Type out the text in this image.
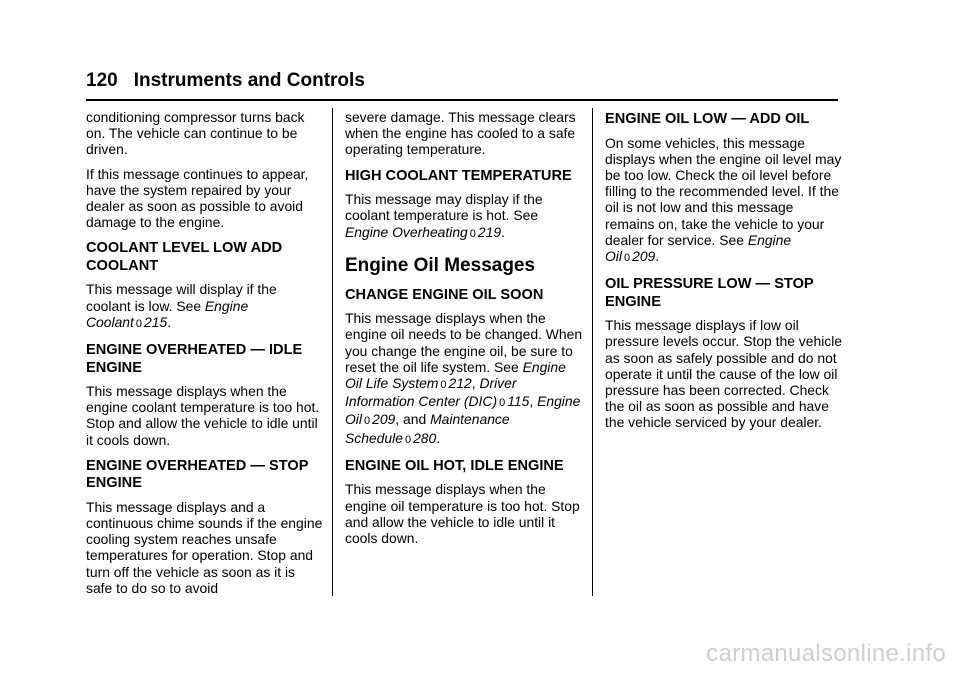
120 Instruments and Controls

conditioning compressor turns back on. The vehicle can continue to be driven.

If this message continues to appear, have the system repaired by your dealer as soon as possible to avoid damage to the engine.

COOLANT LEVEL LOW ADD COOLANT

This message will display if the coolant is low. See Engine Coolant 0 215.

ENGINE OVERHEATED — IDLE ENGINE

This message displays when the engine coolant temperature is too hot. Stop and allow the vehicle to idle until it cools down.

ENGINE OVERHEATED — STOP ENGINE

This message displays and a continuous chime sounds if the engine cooling system reaches unsafe temperatures for operation. Stop and turn off the vehicle as soon as it is safe to do so to avoid

severe damage. This message clears when the engine has cooled to a safe operating temperature.

HIGH COOLANT TEMPERATURE

This message may display if the coolant temperature is hot. See Engine Overheating 0 219.

Engine Oil Messages
CHANGE ENGINE OIL SOON

This message displays when the engine oil needs to be changed. When you change the engine oil, be sure to reset the oil life system. See Engine Oil Life System 0 212, Driver Information Center (DIC) 0 115, Engine Oil 0 209, and Maintenance Schedule 0 280.

ENGINE OIL HOT, IDLE ENGINE

This message displays when the engine oil temperature is too hot. Stop and allow the vehicle to idle until it cools down.

ENGINE OIL LOW — ADD OIL

On some vehicles, this message displays when the engine oil level may be too low. Check the oil level before filling to the recommended level. If the oil is not low and this message remains on, take the vehicle to your dealer for service. See Engine Oil 0 209.

OIL PRESSURE LOW — STOP ENGINE

This message displays if low oil pressure levels occur. Stop the vehicle as soon as safely possible and do not operate it until the cause of the low oil pressure has been corrected. Check the oil as soon as possible and have the vehicle serviced by your dealer.

carmanualsonline.info
